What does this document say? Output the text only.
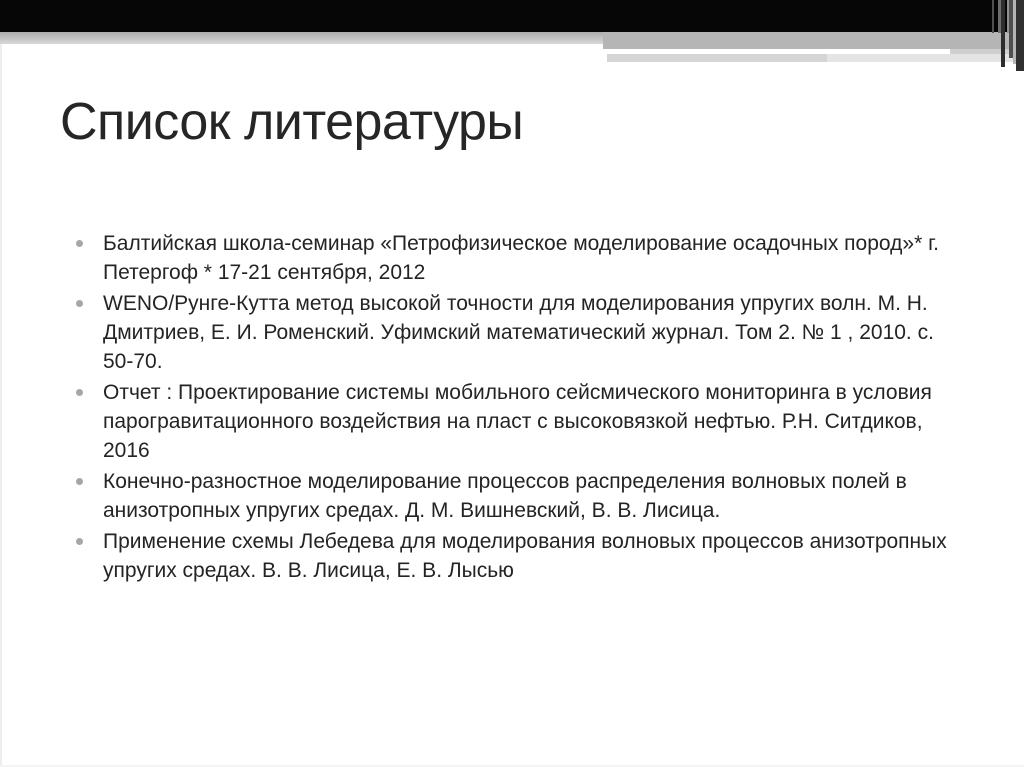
Список литературы
Балтийская школа-семинар «Петрофизическое моделирование осадочных пород»* г. Петергоф * 17-21 сентября, 2012
WENO/Рунге-Кутта метод высокой точности для моделирования упругих волн. М. Н. Дмитриев, Е. И. Роменский. Уфимский математический журнал. Том 2. № 1 , 2010. с. 50-70.
Отчет : Проектирование системы мобильного сейсмического мониторинга в условия парогравитационного воздействия на пласт с высоковязкой нефтью. Р.Н. Ситдиков, 2016
Конечно-разностное моделирование процессов распределения волновых полей в анизотропных упругих средах. Д. М. Вишневский, В. В. Лисица.
Применение схемы Лебедева для моделирования волновых процессов анизотропных упругих средах. В. В. Лисица, Е. В. Лысью
